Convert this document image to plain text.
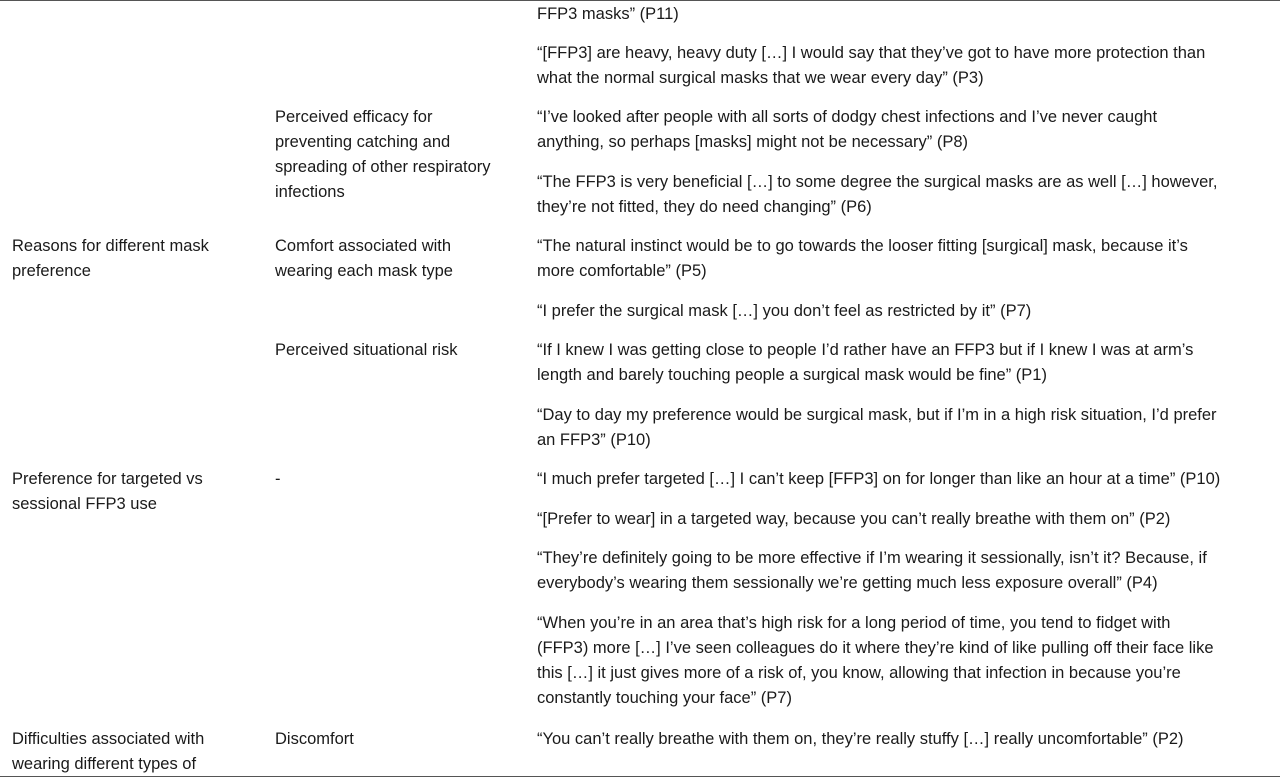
Reasons for different mask
preference
Preference for targeted vs
sessional FFP3 use
Difficulties associated with
wearing different types of
Perceived efficacy for
preventing catching and
spreading of other respiratory
infections
Comfort associated with
wearing each mask type
Perceived situational risk
-
Discomfort
FFP3 masks” (P11)
“[FFP3] are heavy, heavy duty […] I would say that they’ve got to have more protection than
what the normal surgical masks that we wear every day” (P3)
“I’ve looked after people with all sorts of dodgy chest infections and I’ve never caught
anything, so perhaps [masks] might not be necessary” (P8)
“The FFP3 is very beneficial […] to some degree the surgical masks are as well […] however,
they’re not fitted, they do need changing” (P6)
“The natural instinct would be to go towards the looser fitting [surgical] mask, because it’s
more comfortable” (P5)
“I prefer the surgical mask […] you don’t feel as restricted by it” (P7)
“If I knew I was getting close to people I’d rather have an FFP3 but if I knew I was at arm’s
length and barely touching people a surgical mask would be fine” (P1)
“Day to day my preference would be surgical mask, but if I’m in a high risk situation, I’d prefer
an FFP3” (P10)
“I much prefer targeted […] I can’t keep [FFP3] on for longer than like an hour at a time” (P10)
“[Prefer to wear] in a targeted way, because you can’t really breathe with them on” (P2)
“They’re definitely going to be more effective if I’m wearing it sessionally, isn’t it? Because, if
everybody’s wearing them sessionally we’re getting much less exposure overall” (P4)
“When you’re in an area that’s high risk for a long period of time, you tend to fidget with
(FFP3) more […] I’ve seen colleagues do it where they’re kind of like pulling off their face like
this […] it just gives more of a risk of, you know, allowing that infection in because you’re
constantly touching your face” (P7)
“You can’t really breathe with them on, they’re really stuffy […] really uncomfortable” (P2)
